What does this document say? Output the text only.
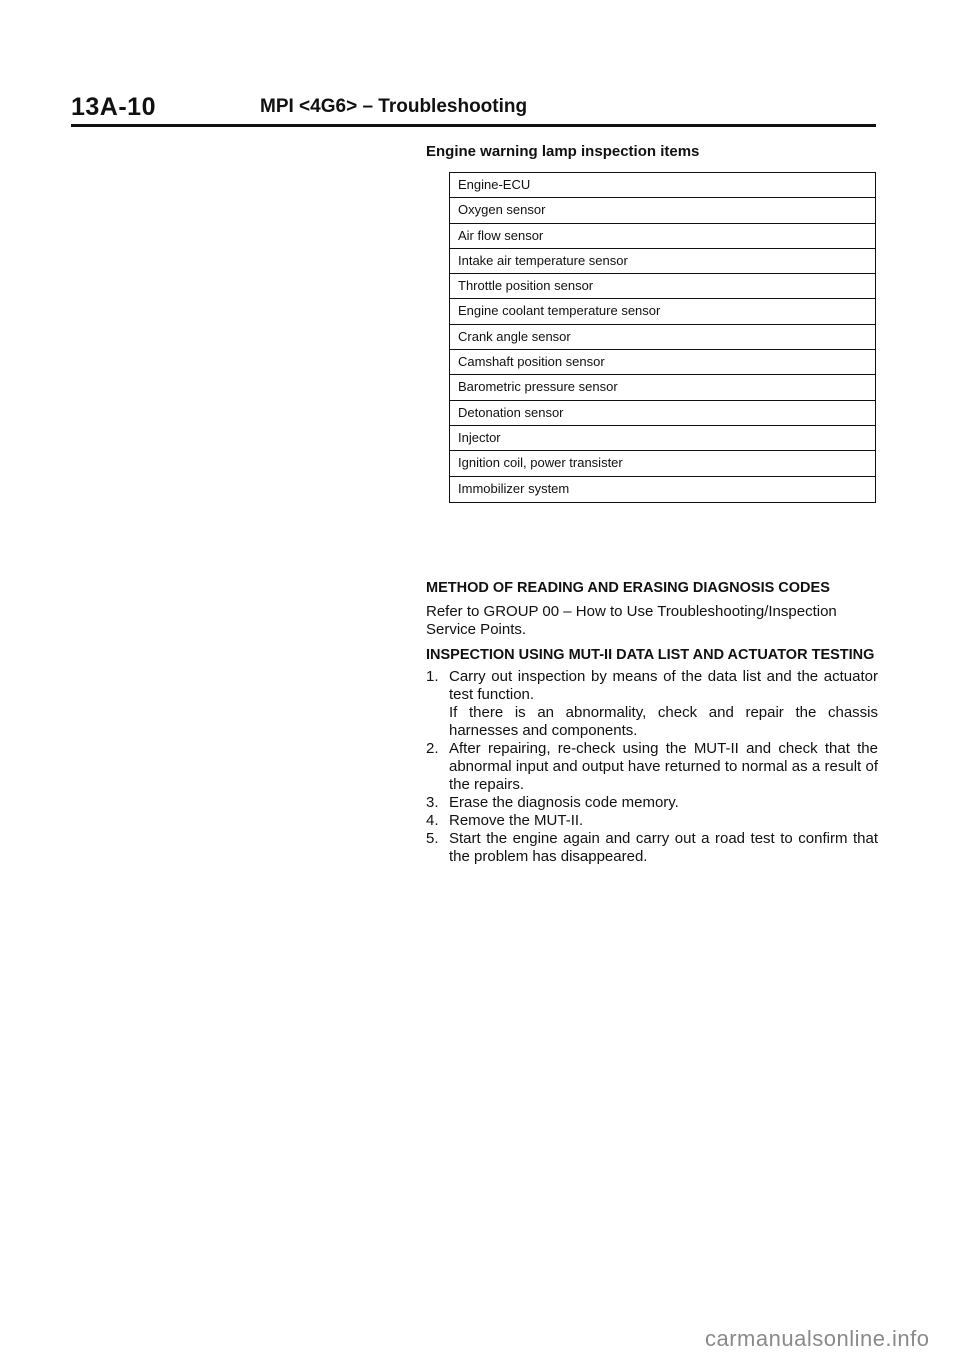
13A-10	MPI <4G6> – Troubleshooting
Engine warning lamp inspection items
Engine-ECU
Oxygen sensor
Air flow sensor
Intake air temperature sensor
Throttle position sensor
Engine coolant temperature sensor
Crank angle sensor
Camshaft position sensor
Barometric pressure sensor
Detonation sensor
Injector
Ignition coil, power transister
Immobilizer system

METHOD OF READING AND ERASING DIAGNOSIS CODES

Refer to GROUP 00 – How to Use Troubleshooting/Inspection Service Points.

INSPECTION USING MUT-II DATA LIST AND ACTUATOR TESTING

1. Carry out inspection by means of the data list and the actuator test function.
If there is an abnormality, check and repair the chassis harnesses and components.
2. After repairing, re-check using the MUT-II and check that the abnormal input and output have returned to normal as a result of the repairs.
3. Erase the diagnosis code memory.
4. Remove the MUT-II.
5. Start the engine again and carry out a road test to confirm that the problem has disappeared.
carmanualsonline.info
